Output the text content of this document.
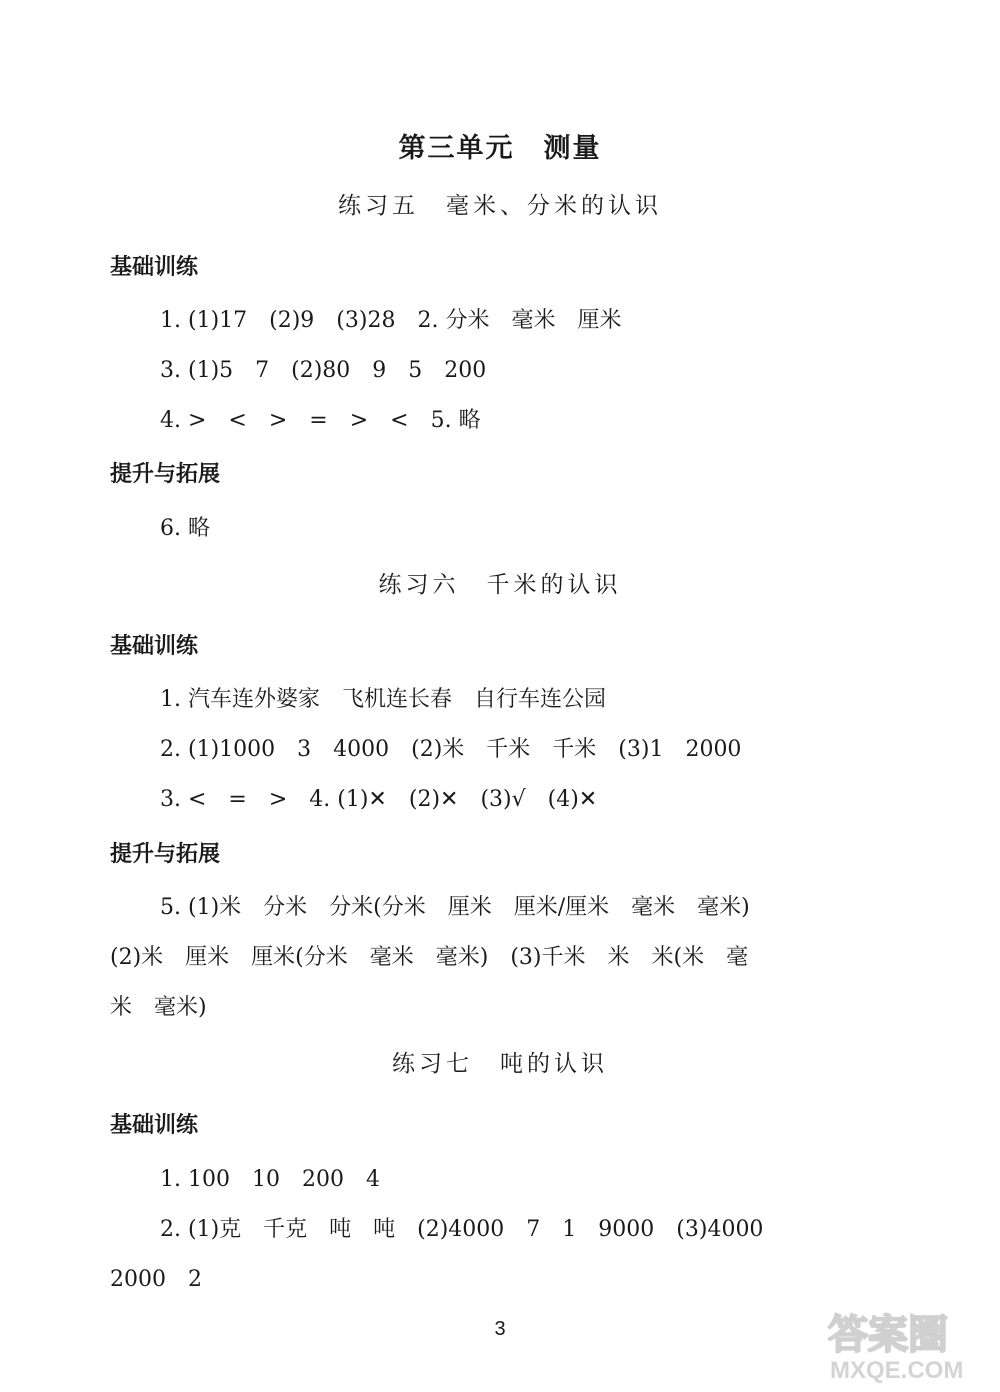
第三单元　测量
练习五　毫米、分米的认识
基础训练
1. (1)17　(2)9　(3)28　2. 分米　毫米　厘米
3. (1)5　7　(2)80　9　5　200
4. >　<　>　=　>　<　5. 略
提升与拓展
6. 略
练习六　千米的认识
基础训练
1. 汽车连外婆家　飞机连长春　自行车连公园
2. (1)1000　3　4000　(2)米　千米　千米　(3)1　2000
3. <　=　>　4. (1)✕　(2)✕　(3)√　(4)✕
提升与拓展
5. (1)米　分米　分米(分米　厘米　厘米/厘米　毫米　毫米)
(2)米　厘米　厘米(分米　毫米　毫米)　(3)千米　米　米(米　毫
米　毫米)
练习七　吨的认识
基础训练
1. 100　10　200　4
2. (1)克　千克　吨　吨　(2)4000　7　1　9000　(3)4000
2000　2
3	答案圈
MXQE.COM
